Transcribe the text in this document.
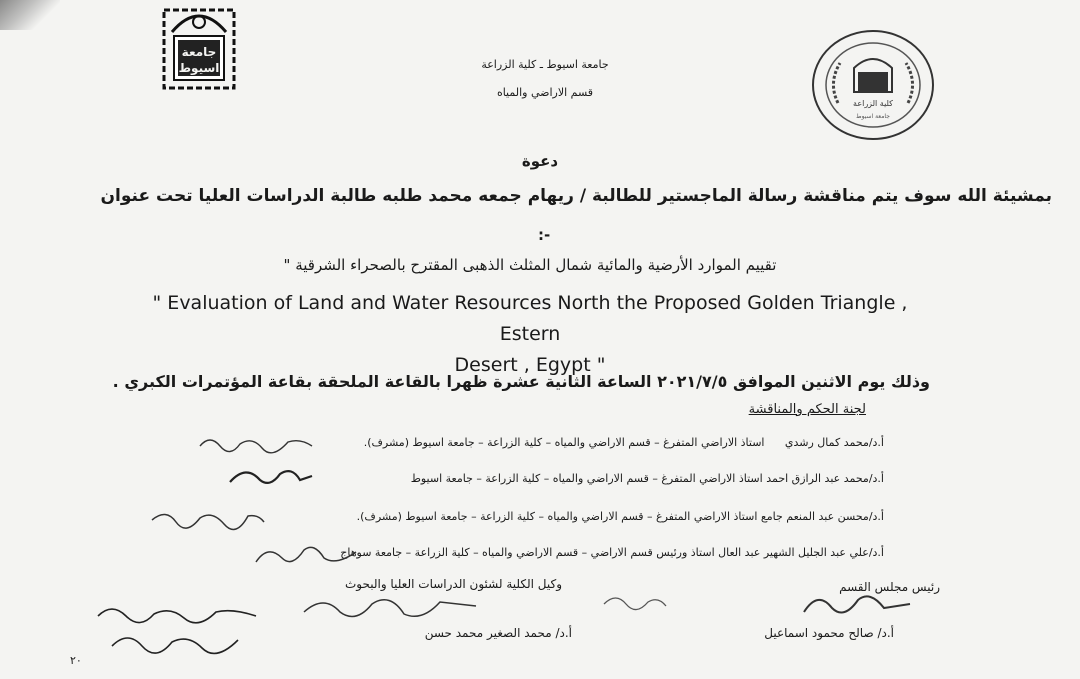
جامعة
اسيوط
كلية الزراعة
جامعة اسيوط
جامعة اسيوط ـ كلية الزراعة
قسم الاراضي والمياه
دعوة
بمشيئة الله سوف يتم مناقشة رسالة الماجستير للطالبة / ريهام جمعه محمد طلبه طالبة الدراسات العليا تحت عنوان
:-
تقييم الموارد الأرضية والمائية شمال المثلث الذهبى المقترح بالصحراء الشرقية "
" Evaluation of Land and Water Resources North the Proposed Golden Triangle , Estern
Desert , Egypt "
وذلك يوم الاثنين الموافق ٢٠٢١/٧/٥ الساعة الثانية عشرة ظهرا بالقاعة الملحقة بقاعة المؤتمرات الكبري .
لجنة الحكم والمناقشة
أ.د/محمد كمال رشدي استاذ الاراضي المتفرغ – قسم الاراضي والمياه – كلية الزراعة – جامعة اسيوط (مشرف).
أ.د/محمد عبد الرازق احمد استاذ الاراضي المتفرغ – قسم الاراضي والمياه – كلية الزراعة – جامعة اسيوط
أ.د/محسن عبد المنعم جامع استاذ الاراضي المتفرغ – قسم الاراضي والمياه – كلية الزراعة – جامعة اسيوط (مشرف).
أ.د/علي عبد الجليل الشهير عبد العال استاذ ورئيس قسم الاراضي – قسم الاراضي والمياه – كلية الزراعة – جامعة سوهاج
رئيس مجلس القسم
وكيل الكلية لشئون الدراسات العليا والبحوث
أ.د/ محمد الصغير محمد حسن	أ.د/ صالح محمود اسماعيل
٢٠
